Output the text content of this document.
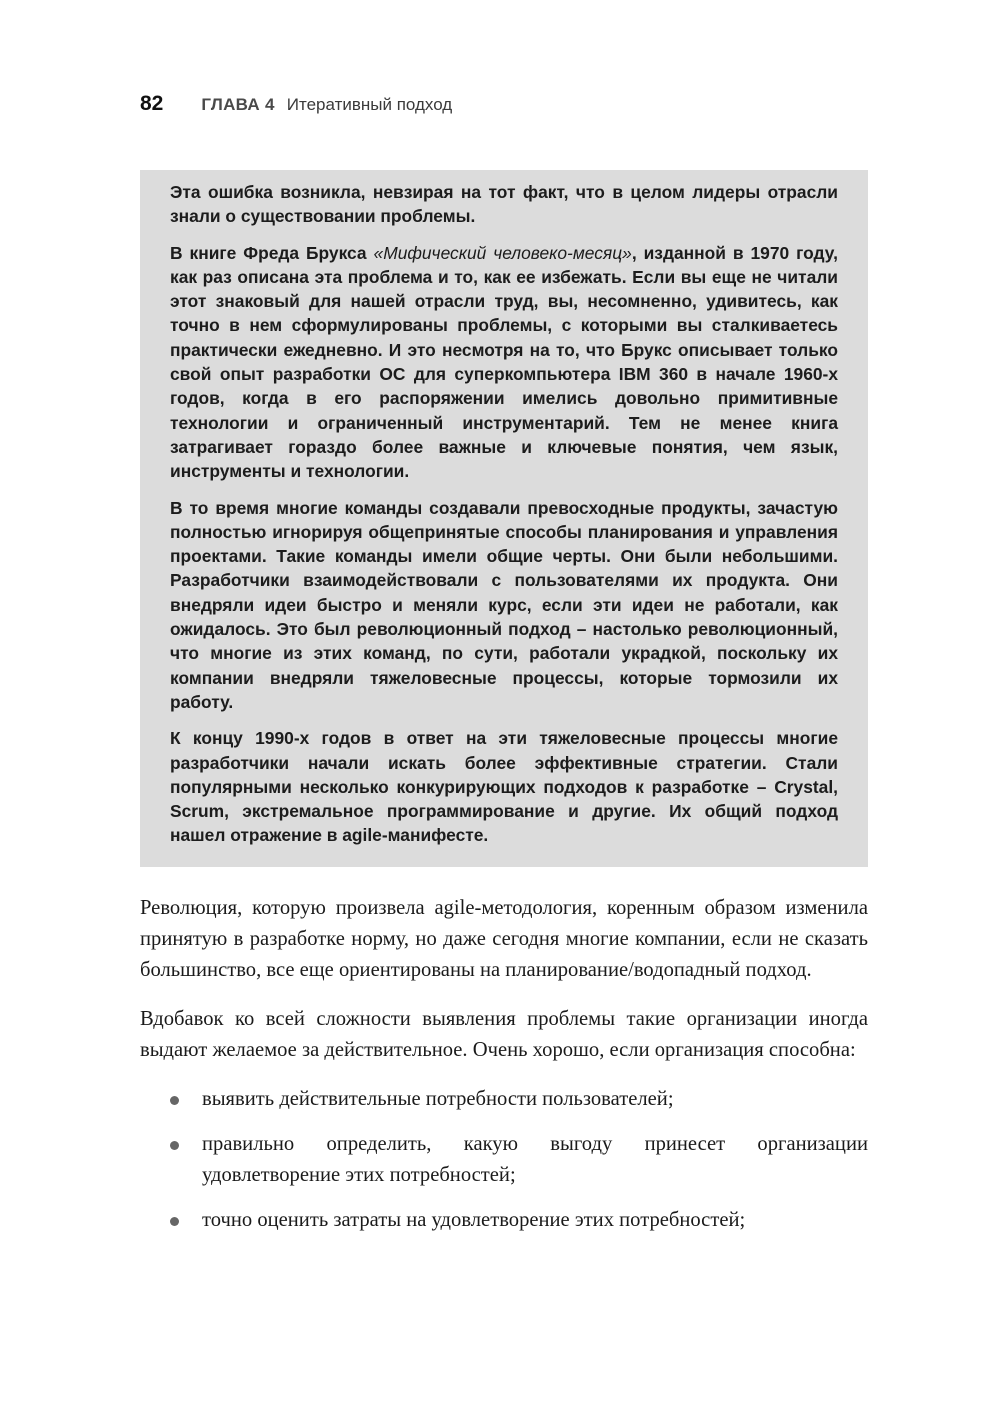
82 ГЛАВА 4 Итеративный подход

Эта ошибка возникла, невзирая на тот факт, что в целом лидеры отрасли знали о существовании проблемы.

В книге Фреда Брукса «Мифический человеко-месяц», изданной в 1970 году, как раз описана эта проблема и то, как ее избежать. Если вы еще не читали этот знаковый для нашей отрасли труд, вы, несомненно, удивитесь, как точно в нем сформулированы проблемы, с которыми вы сталкиваетесь практически ежедневно. И это несмотря на то, что Брукс описывает только свой опыт разработки ОС для суперкомпьютера IBM 360 в начале 1960-х годов, когда в его распоряжении имелись довольно примитивные технологии и ограниченный инструментарий. Тем не менее книга затрагивает гораздо более важные и ключевые понятия, чем язык, инструменты и технологии.

В то время многие команды создавали превосходные продукты, зачастую полностью игнорируя общепринятые способы планирования и управления проектами. Такие команды имели общие черты. Они были небольшими. Разработчики взаимодействовали с пользователями их продукта. Они внедряли идеи быстро и меняли курс, если эти идеи не работали, как ожидалось. Это был революционный подход – настолько революционный, что многие из этих команд, по сути, работали украдкой, поскольку их компании внедряли тяжеловесные процессы, которые тормозили их работу.

К концу 1990-х годов в ответ на эти тяжеловесные процессы многие разработчики начали искать более эффективные стратегии. Стали популярными несколько конкурирующих подходов к разработке – Crystal, Scrum, экстремальное программирование и другие. Их общий подход нашел отражение в agile-манифесте.

Революция, которую произвела agile-методология, коренным образом изменила принятую в разработке норму, но даже сегодня многие компании, если не сказать большинство, все еще ориентированы на планирование/водопадный подход.

Вдобавок ко всей сложности выявления проблемы такие организации иногда выдают желаемое за действительное. Очень хорошо, если организация способна:

выявить действительные потребности пользователей;
правильно определить, какую выгоду принесет организации удовлетворение этих потребностей;
точно оценить затраты на удовлетворение этих потребностей;
